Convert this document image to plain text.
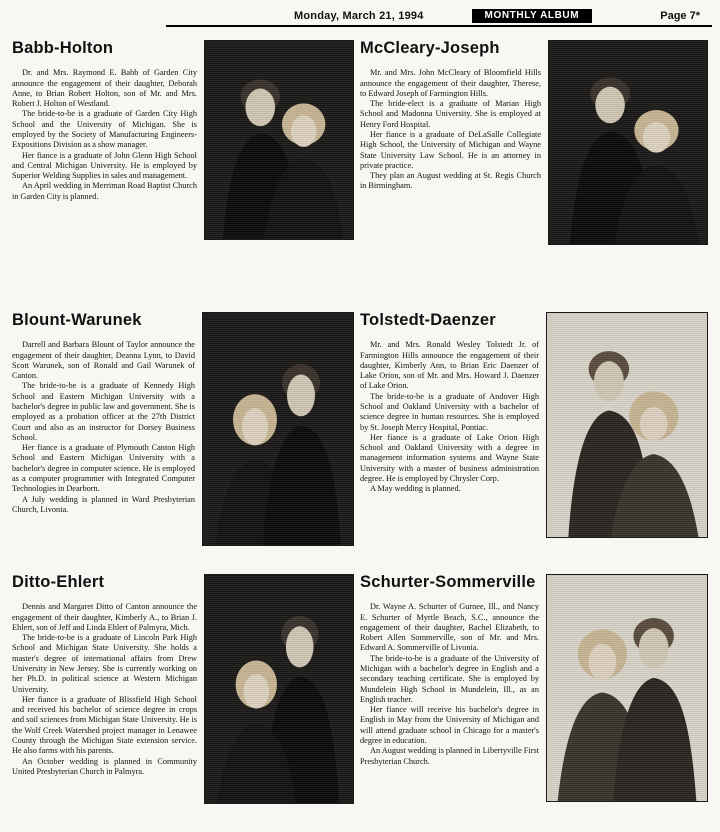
Monday, March 21, 1994	MONTHLY ALBUM	Page 7*
Babb-Holton

Dr. and Mrs. Raymond E. Babb of Garden City announce the engagement of their daughter, Deborah Anne, to Brian Robert Holton, son of Mr. and Mrs. Robert J. Holton of Westland.

The bride-to-be is a graduate of Garden City High School and the University of Michigan. She is employed by the Society of Manufacturing Engineers-Expositions Division as a show manager.

Her fiance is a graduate of John Glenn High School and Central Michigan University. He is employed by Superior Welding Supplies in sales and management.

An April wedding in Merriman Road Baptist Church in Garden City is planned.

McCleary-Joseph

Mr. and Mrs. John McCleary of Bloomfield Hills announce the engagement of their daughter, Therese, to Edward Joseph of Farmington Hills.

The bride-elect is a graduate of Marian High School and Madonna University. She is employed at Henry Ford Hospital.

Her fiance is a graduate of DeLaSalle Collegiate High School, the University of Michigan and Wayne State University Law School. He is an attorney in private practice.

They plan an August wedding at St. Regis Church in Birmingham.

Blount-Warunek

Darrell and Barbara Blount of Taylor announce the engagement of their daughter, Deanna Lynn, to David Scott Warunek, son of Ronald and Gail Warunek of Canton.

The bride-to-be is a graduate of Kennedy High School and Eastern Michigan University with a bachelor's degree in public law and government. She is employed as a probation officer at the 27th District Court and also as an instructor for Dorsey Business School.

Her fiance is a graduate of Plymouth Canton High School and Eastern Michigan University with a bachelor's degree in computer science. He is employed as a computer programmer with Integrated Computer Technologies in Dearborn.

A July wedding is planned in Ward Presbyterian Church, Livonia.

Tolstedt-Daenzer

Mr. and Mrs. Ronald Wesley Tolstedt Jr. of Farmington Hills announce the engagement of their daughter, Kimberly Ann, to Brian Eric Daenzer of Lake Orion, son of Mr. and Mrs. Howard J. Daenzer of Lake Orion.

The bride-to-be is a graduate of Andover High School and Oakland University with a bachelor of science degree in human resources. She is employed by St. Joseph Mercy Hospital, Pontiac.

Her fiance is a graduate of Lake Orion High School and Oakland University with a degree in management information systems and Wayne State University with a master of business administration degree. He is employed by Chrysler Corp.

A May wedding is planned.

Ditto-Ehlert

Dennis and Margaret Ditto of Canton announce the engagement of their daughter, Kimberly A., to Brian J. Ehlert, son of Jeff and Linda Ehlert of Palmyra, Mich.

The bride-to-be is a graduate of Lincoln Park High School and Michigan State University. She holds a master's degree of international affairs from Drew University in New Jersey. She is currently working on her Ph.D. in political science at Western Michigan University.

Her fiance is a graduate of Blissfield High School and received his bachelor of science degree in crops and soil sciences from Michigan State University. He is the Wolf Creek Watershed project manager in Lenawee County through the Michigan State extension service. He also farms with his parents.

An October wedding is planned in Community United Presbyterian Church in Palmyra.

Schurter-Sommerville

Dr. Wayne A. Schurter of Gurnee, Ill., and Nancy E. Schurter of Myrtle Beach, S.C., announce the engagement of their daughter, Rachel Elizabeth, to Robert Allen Sommerville, son of Mr. and Mrs. Edward A. Sommerville of Livonia.

The bride-to-be is a graduate of the University of Michigan with a bachelor's degree in English and a secondary teaching certificate. She is employed by Mundelein High School in Mundelein, Ill., as an English teacher.

Her fiance will receive his bachelor's degree in English in May from the University of Michigan and will attend graduate school in Chicago for a master's degree in education.

An August wedding is planned in Libertyville First Presbyterian Church.
